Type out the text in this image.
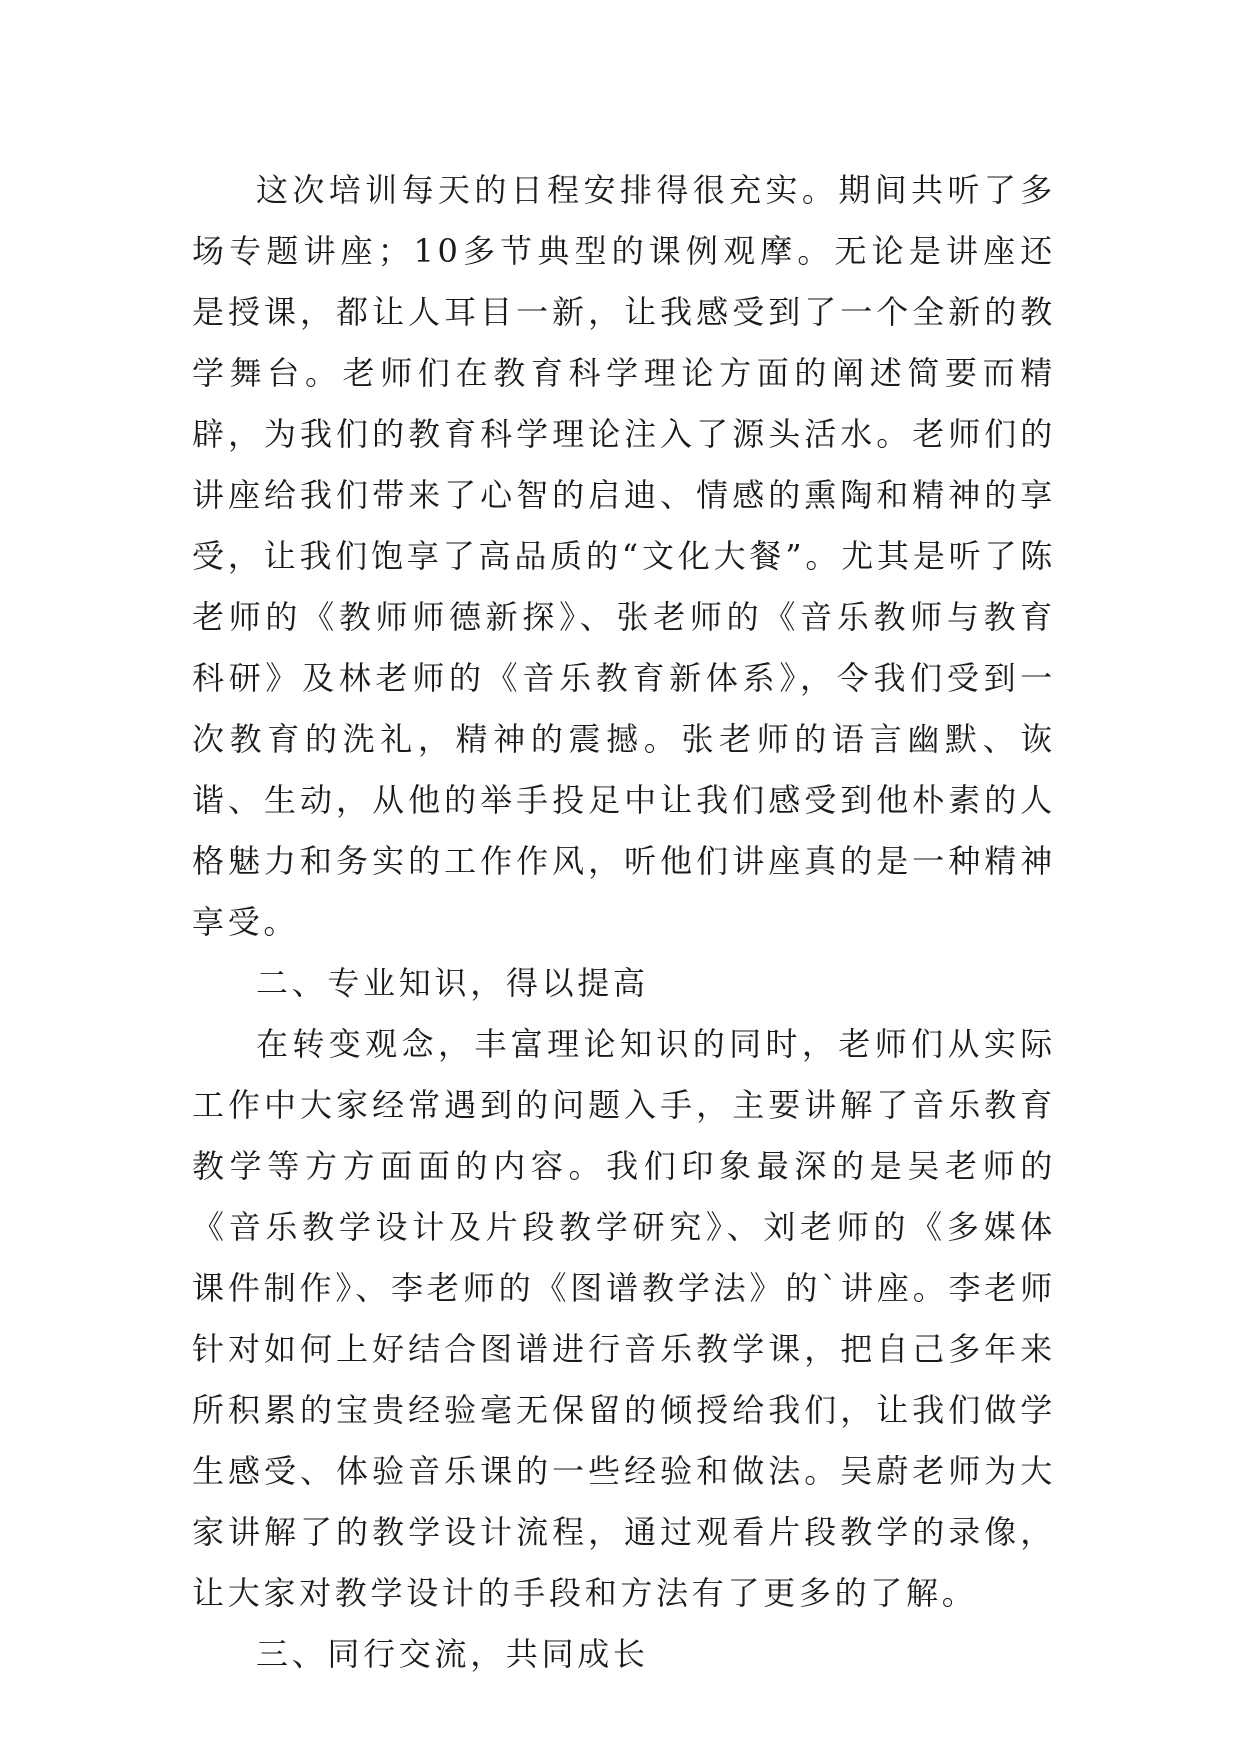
这次培训每天的日程安排得很充实。期间共听了多场专题讲座；10多节典型的课例观摩。无论是讲座还是授课，都让人耳目一新，让我感受到了一个全新的教学舞台。老师们在教育科学理论方面的阐述简要而精辟，为我们的教育科学理论注入了源头活水。老师们的讲座给我们带来了心智的启迪、情感的熏陶和精神的享受，让我们饱享了高品质的“文化大餐”。尤其是听了陈老师的《教师师德新探》、张老师的《音乐教师与教育科研》及林老师的《音乐教育新体系》，令我们受到一次教育的洗礼，精神的震撼。张老师的语言幽默、诙谐、生动，从他的举手投足中让我们感受到他朴素的人格魅力和务实的工作作风，听他们讲座真的是一种精神享受。

二、专业知识，得以提高

在转变观念，丰富理论知识的同时，老师们从实际工作中大家经常遇到的问题入手，主要讲解了音乐教育教学等方方面面的内容。我们印象最深的是吴老师的《音乐教学设计及片段教学研究》、刘老师的《多媒体课件制作》、李老师的《图谱教学法》的`讲座。李老师针对如何上好结合图谱进行音乐教学课，把自己多年来所积累的宝贵经验毫无保留的倾授给我们，让我们做学生感受、体验音乐课的一些经验和做法。吴蔚老师为大家讲解了的教学设计流程，通过观看片段教学的录像，让大家对教学设计的手段和方法有了更多的了解。

三、同行交流，共同成长
